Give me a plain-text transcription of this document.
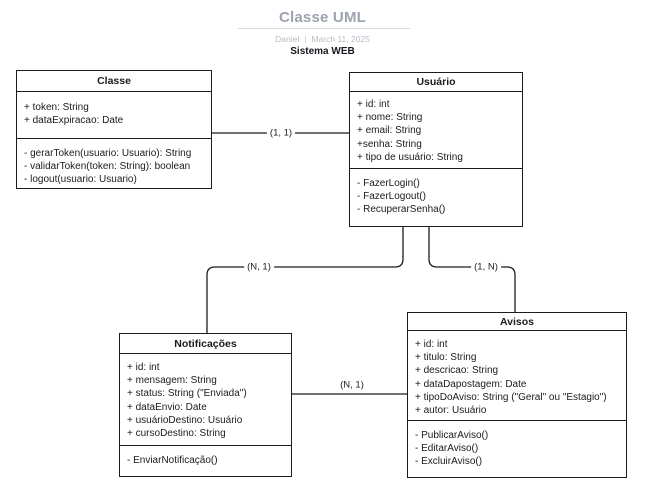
Classe UML
Daniel | March 11, 2025
Sistema WEB
(1, 1)
(N, 1)	(1, N)
(N, 1)
Classe
+ token: String
+ dataExpiracao: Date
- gerarToken(usuario: Usuario): String
- validarToken(token: String): boolean
- logout(usuario: Usuario)
Usuário
+ id: int
+ nome: String
+ email: String
+senha: String
+ tipo de usuário: String
- FazerLogin()
- FazerLogout()
- RecuperarSenha()
Notificações
+ id: int
+ mensagem: String
+ status: String ("Enviada")
+ dataEnvio: Date
+ usuárioDestino: Usuário
+ cursoDestino: String
- EnviarNotificação()
Avisos
+ id: int
+ titulo: String
+ descricao: String
+ dataDapostagem: Date
+ tipoDoAviso: String ("Geral" ou "Estagio")
+ autor: Usuário
- PublicarAviso()
- EditarAviso()
- ExcluirAviso()
